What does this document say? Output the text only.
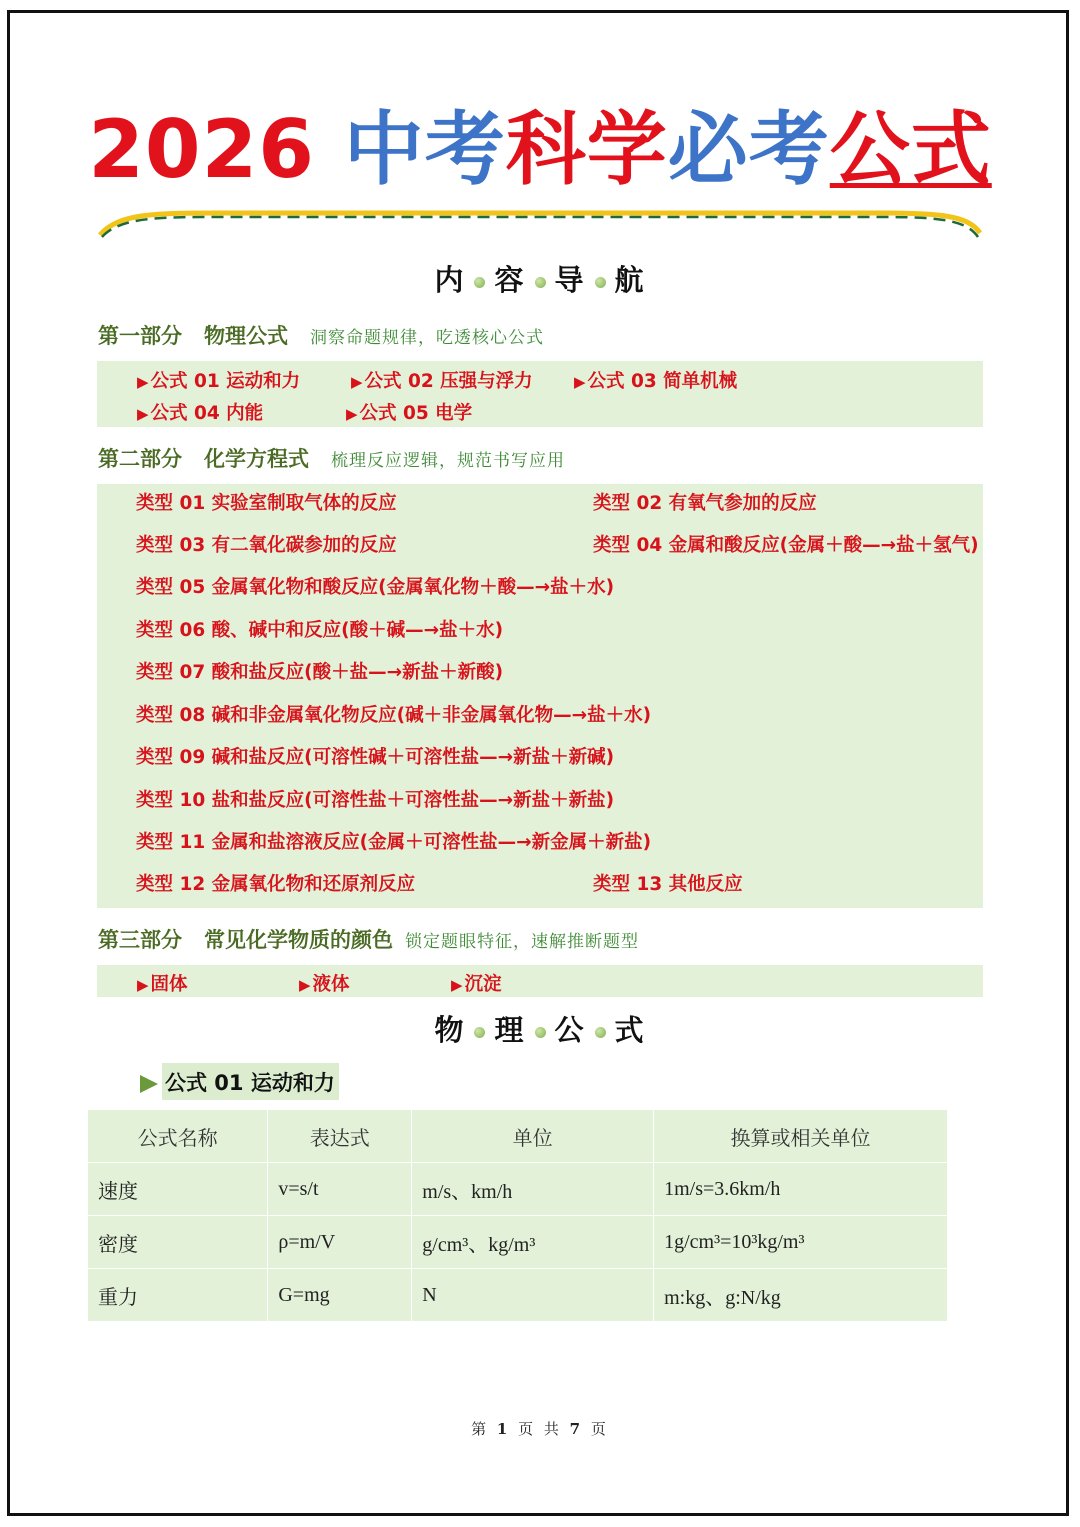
2026 中考科学必考公式
内 容 导 航
第一部分 物理公式 洞察命题规律，吃透核心公式
▶ 公式 01 运动和力	▶ 公式 02 压强与浮力	▶ 公式 03 简单机械
▶ 公式 04 内能	▶ 公式 05 电学
第二部分 化学方程式 梳理反应逻辑，规范书写应用
类型 01 实验室制取气体的反应	类型 02 有氧气参加的反应
类型 03 有二氧化碳参加的反应	类型 04 金属和酸反应(金属＋酸—→盐＋氢气)
类型 05 金属氧化物和酸反应(金属氧化物＋酸—→盐＋水)
类型 06 酸、碱中和反应(酸＋碱—→盐＋水)
类型 07 酸和盐反应(酸＋盐—→新盐＋新酸)
类型 08 碱和非金属氧化物反应(碱＋非金属氧化物—→盐＋水)
类型 09 碱和盐反应(可溶性碱＋可溶性盐—→新盐＋新碱)
类型 10 盐和盐反应(可溶性盐＋可溶性盐—→新盐＋新盐)
类型 11 金属和盐溶液反应(金属＋可溶性盐—→新金属＋新盐)
类型 12 金属氧化物和还原剂反应	类型 13 其他反应
第三部分 常见化学物质的颜色 锁定题眼特征，速解推断题型
▶ 固体	▶ 液体	▶ 沉淀
物 理 公 式
公式 01 运动和力
公式名称	表达式	单位	换算或相关单位
速度	v=s/t	m/s、km/h	1m/s=3.6km/h
密度	ρ=m/V	g/cm³、kg/m³	1g/cm³=10³kg/m³
重力	G=mg	N	m:kg、g:N/kg
第 1 页 共 7 页
